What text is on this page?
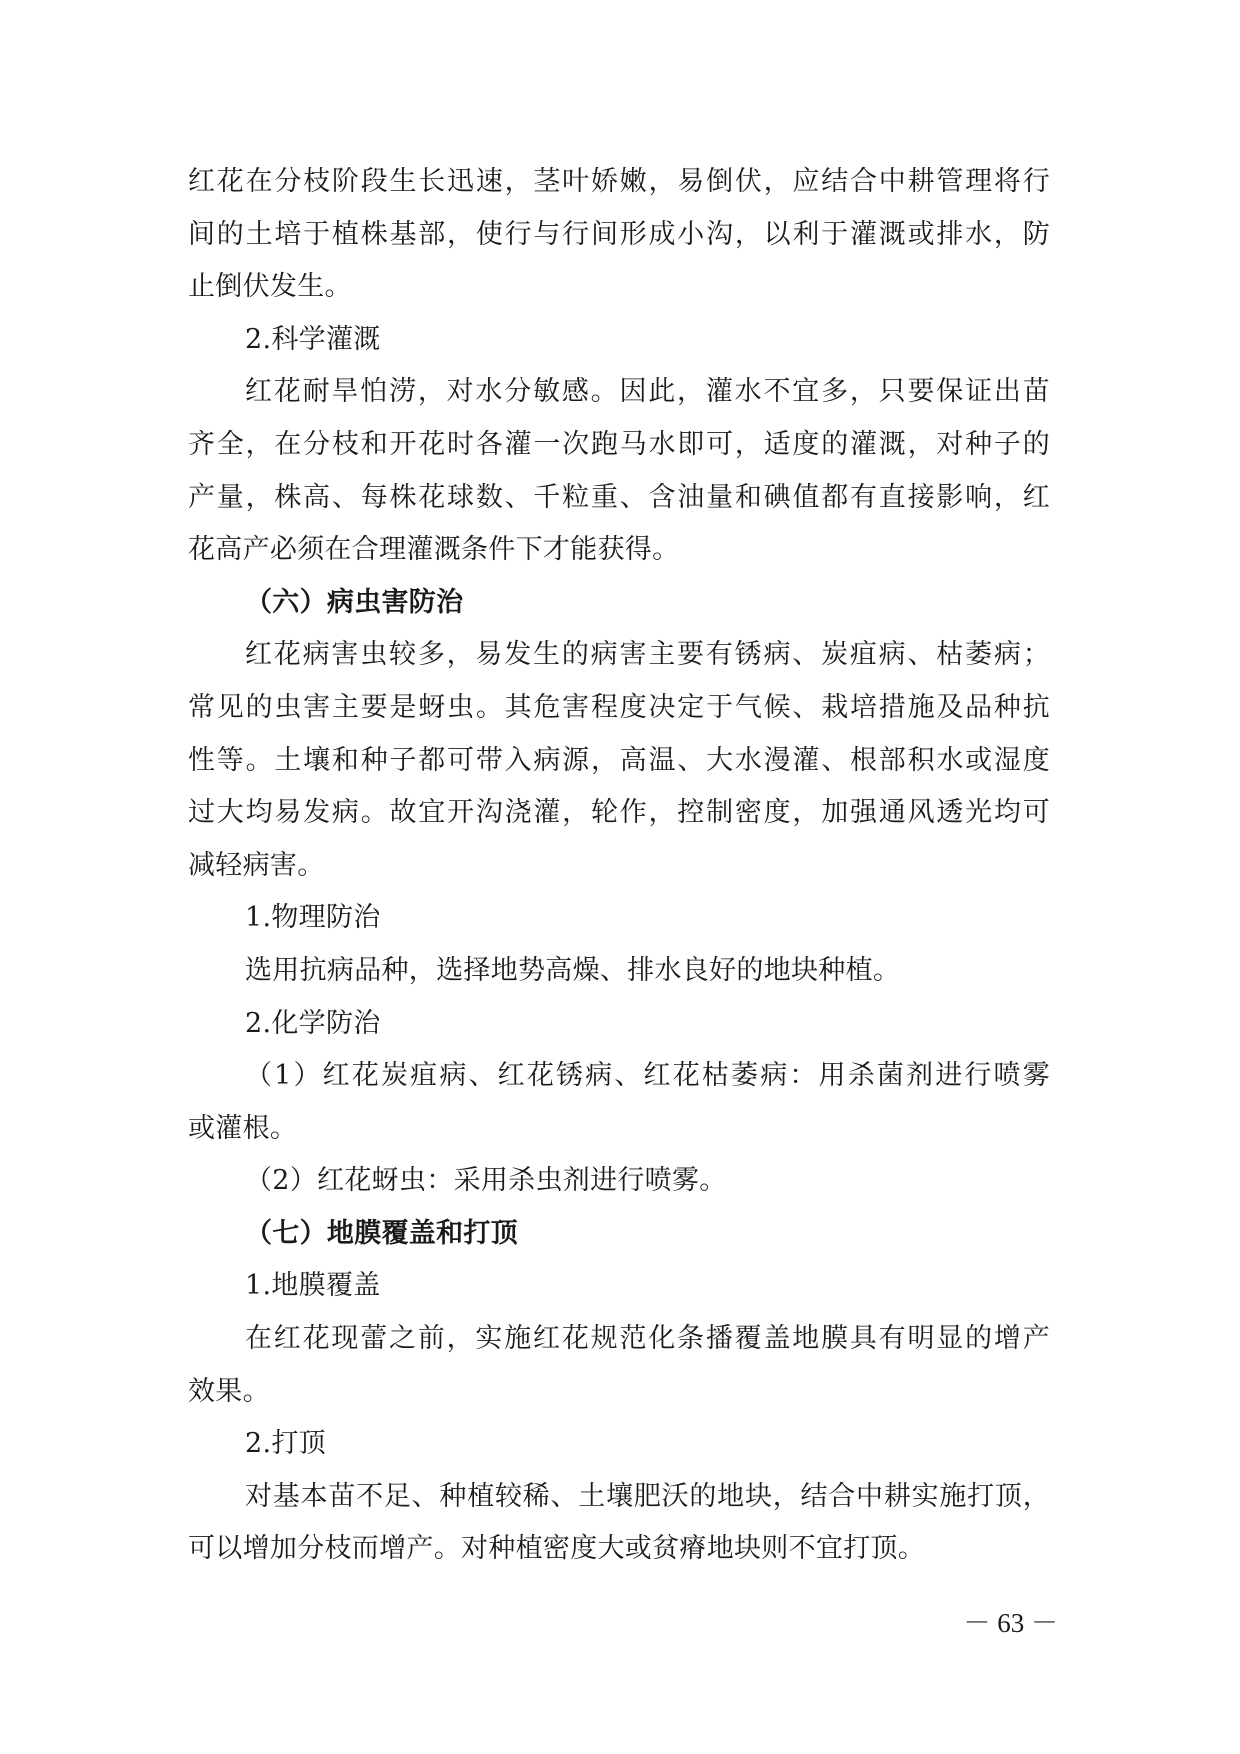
红花在分枝阶段生长迅速，茎叶娇嫩，易倒伏，应结合中耕管理将行
间的土培于植株基部，使行与行间形成小沟，以利于灌溉或排水，防
止倒伏发生。
2.科学灌溉
红花耐旱怕涝，对水分敏感。因此，灌水不宜多，只要保证出苗
齐全，在分枝和开花时各灌一次跑马水即可，适度的灌溉，对种子的
产量，株高、每株花球数、千粒重、含油量和碘值都有直接影响，红
花高产必须在合理灌溉条件下才能获得。
（六）病虫害防治
红花病害虫较多，易发生的病害主要有锈病、炭疽病、枯萎病；
常见的虫害主要是蚜虫。其危害程度决定于气候、栽培措施及品种抗
性等。土壤和种子都可带入病源，高温、大水漫灌、根部积水或湿度
过大均易发病。故宜开沟浇灌，轮作，控制密度，加强通风透光均可
减轻病害。
1.物理防治
选用抗病品种，选择地势高燥、排水良好的地块种植。
2.化学防治
（1）红花炭疽病、红花锈病、红花枯萎病：用杀菌剂进行喷雾
或灌根。
（2）红花蚜虫：采用杀虫剂进行喷雾。
（七）地膜覆盖和打顶
1.地膜覆盖
在红花现蕾之前，实施红花规范化条播覆盖地膜具有明显的增产
效果。
2.打顶
对基本苗不足、种植较稀、土壤肥沃的地块，结合中耕实施打顶，
可以增加分枝而增产。对种植密度大或贫瘠地块则不宜打顶。
－ 63 －
